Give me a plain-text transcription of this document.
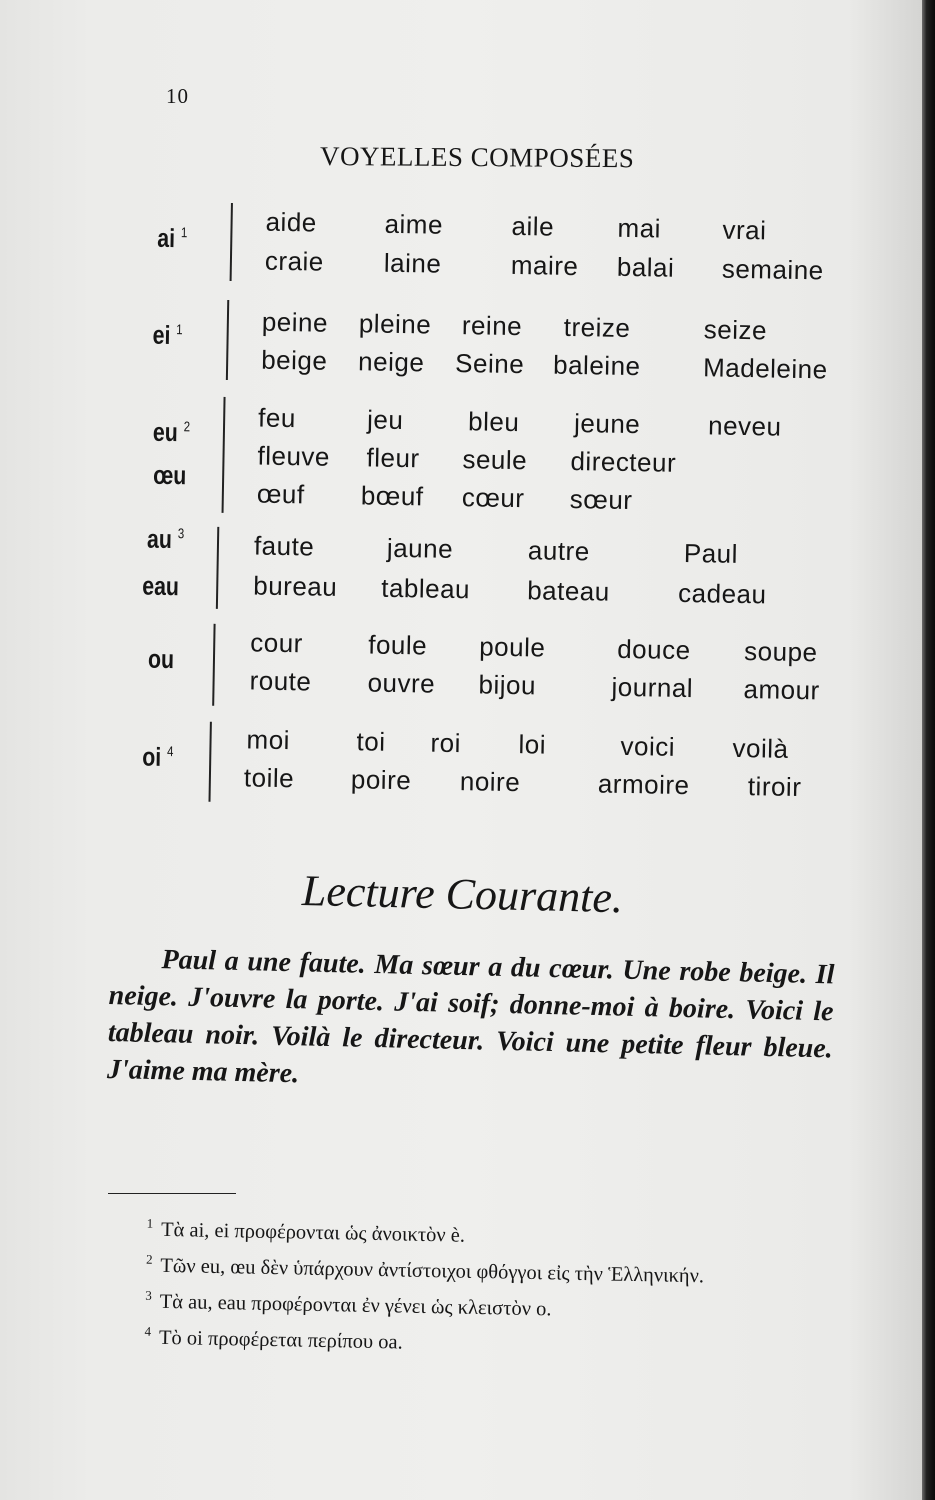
10
VOYELLES COMPOSÉES
ai $^1$	aide	aime	aile mai vrai
craie laine	maire balai semaine
ei $^1$	peine pleine reine treize	seize
beige neige Seine baleine Madeleine
eu $^2$
œu
feu	jeu bleu jeune	neveu
fleuve fleur seule directeur
œuf bœuf cœur sœur
au $^3$
eau
faute	jaune	autre	Paul
bureau tableau bateau	cadeau
ou
cour foule poule	douce soupe
route ouvre bijou	journal amour
oi $^4$	moi	toi roi loi	voici voilà
toile poire noire	armoire tiroir
Lecture Courante.
Paul a une faute. Ma sœur a du cœur. Une robe beige. Il neige. J'ouvre la porte. J'ai soif; donne-moi à boire. Voici le tableau noir. Voilà le directeur. Voici une petite fleur bleue. J'aime ma mère.
$^1$ Τὰ ai, ei προφέρονται ὡς ἀνοικτὸν è.
$^2$ Τῶν eu, œu δὲν ὑπάρχουν ἀντίστοιχοι φθόγγοι εἰς τὴν Ἑλληνικήν.
$^3$ Τὰ au, eau προφέρονται ἐν γένει ὡς κλειστὸν o.
$^4$ Τὸ oi προφέρεται περίπου oa.
